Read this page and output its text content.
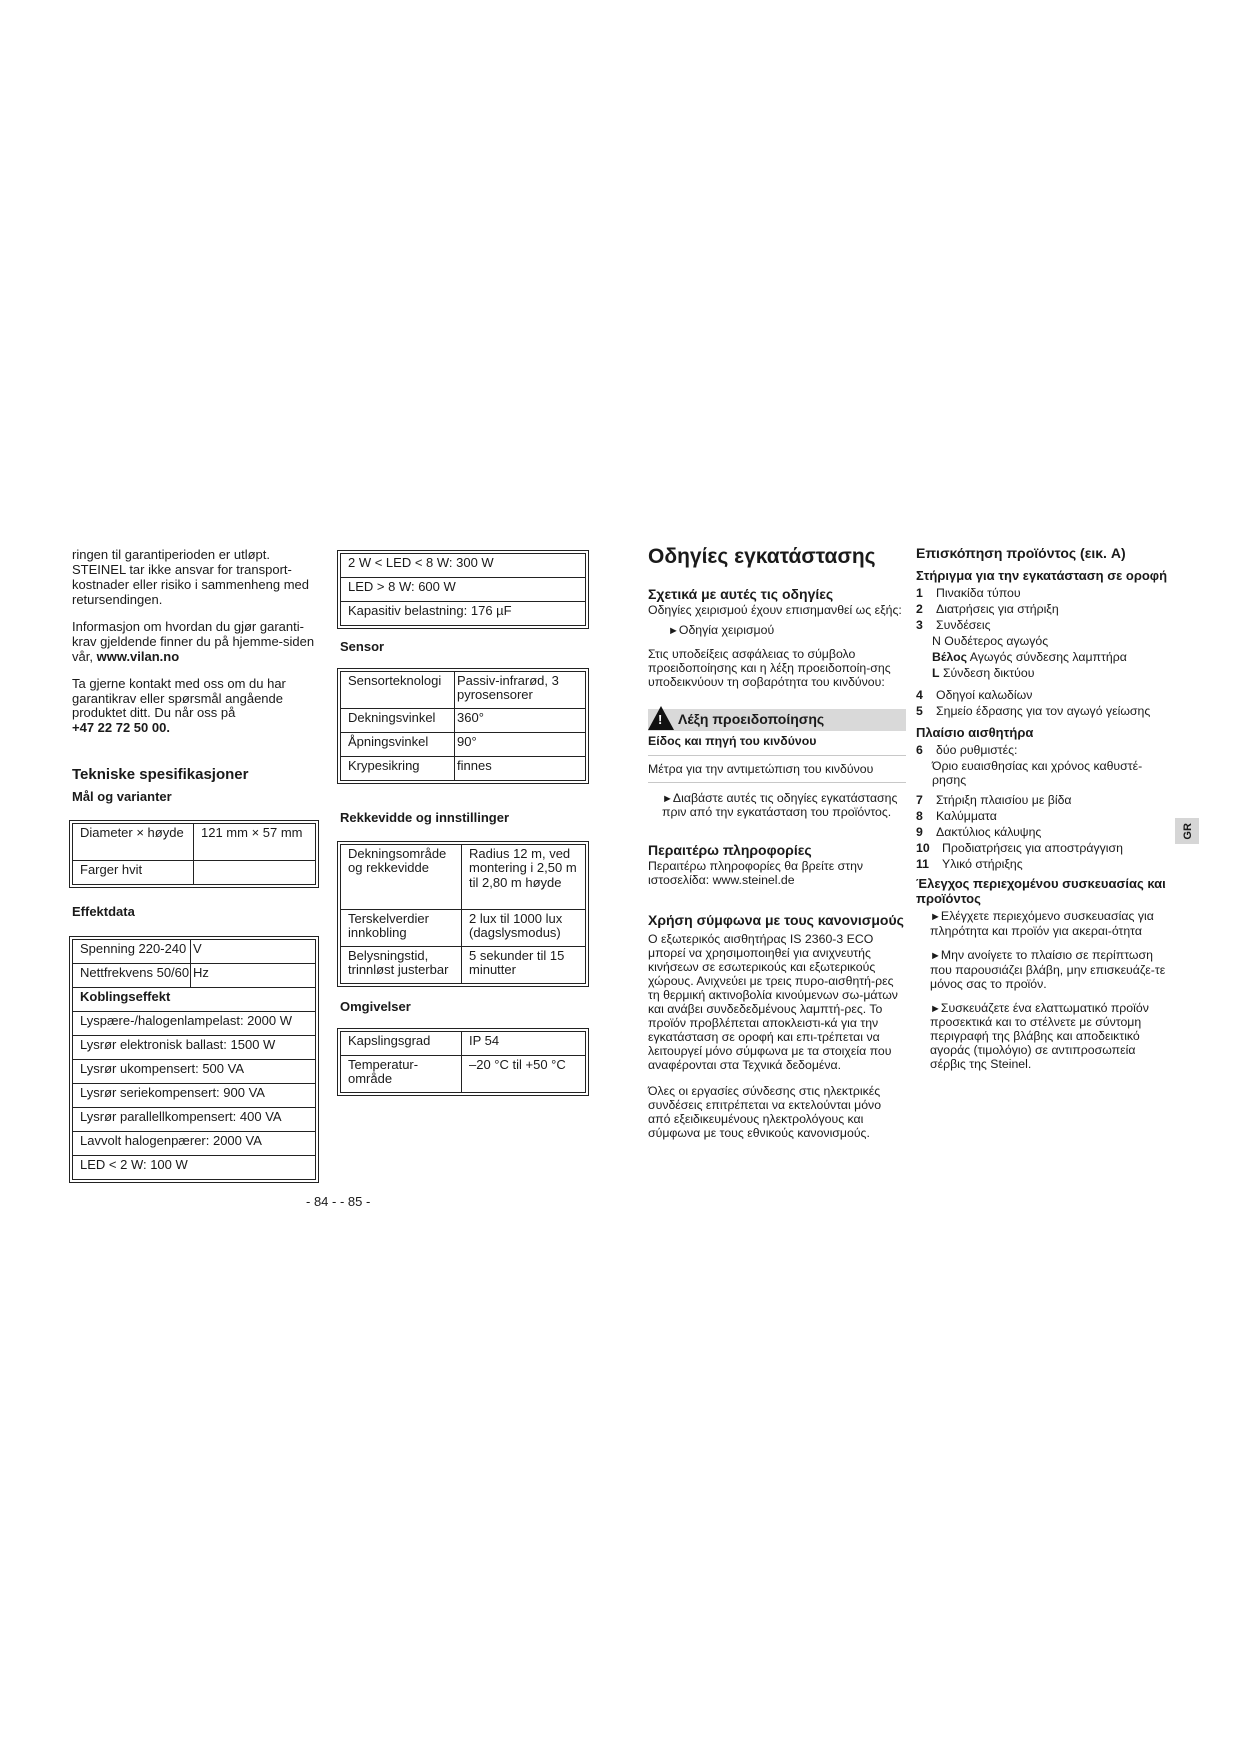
ringen til garantiperioden er utløpt. STEINEL tar ikke ansvar for transport-kostnader eller risiko i sammenheng med retursendingen.

Informasjon om hvordan du gjør garanti-krav gjeldende finner du på hjemme-siden vår, www.vilan.no

Ta gjerne kontakt med oss om du har garantikrav eller spørsmål angående produktet ditt. Du når oss på

+47 22 72 50 00.

Tekniske spesifikasjoner
Mål og varianter
Diameter × høyde	121 mm × 57 mm
Farger hvit	
Effektdata
Spenning 220-240	V
Nettfrekvens 50/60	Hz
Koblingseffekt	
Lyspære-/halogenlampelast: 2000 W	
Lysrør elektronisk ballast: 1500 W	
Lysrør ukompensert: 500 VA	
Lysrør seriekompensert: 900 VA	
Lysrør parallellkompensert: 400 VA	
Lavvolt halogenpærer: 2000 VA	
LED < 2 W: 100 W	
2 W < LED < 8 W: 300 W
LED > 8 W: 600 W
Kapasitiv belastning: 176 µF
Sensor
Sensorteknologi	Passiv-infrarød, 3 pyrosensorer
Dekningsvinkel	360°
Åpningsvinkel	90°
Krypesikring	finnes
Rekkevidde og innstillinger
Dekningsområde og rekkevidde	Radius 12 m, ved montering i 2,50 m til 2,80 m høyde
Terskelverdier innkobling	2 lux til 1000 lux (dagslysmodus)
Belysningstid, trinnløst justerbar	5 sekunder til 15 minutter
Omgivelser
Kapslingsgrad	IP 54
Temperatur-område	–20 °C til +50 °C
- 84 - - 85 -
Οδηγίες εγκατάστασης
Σχετικά με αυτές τις οδηγίες

Οδηγίες χειρισμού έχουν επισημανθεί ως εξής:

►Οδηγία χειρισμού

Στις υποδείξεις ασφάλειας το σύμβολο προειδοποίησης και η λέξη προειδοποίη-σης υποδεικνύουν τη σοβαρότητα του κινδύνου:

! Λέξη προειδοποίησης

Είδος και πηγή του κινδύνου

Μέτρα για την αντιμετώπιση του κινδύνου

►Διαβάστε αυτές τις οδηγίες εγκατάστασης πριν από την εγκατάσταση του προϊόντος.

Περαιτέρω πληροφορίες

Περαιτέρω πληροφορίες θα βρείτε στην ιστοσελίδα: www.steinel.de

Χρήση σύμφωνα με τους κανονισμούς

Ο εξωτερικός αισθητήρας IS 2360-3 ECO μπορεί να χρησιμοποιηθεί για ανιχνευτής κινήσεων σε εσωτερικούς και εξωτερικούς χώρους. Ανιχνεύει με τρεις πυρο-αισθητή-ρες τη θερμική ακτινοβολία κινούμενων σω-μάτων και ανάβει συνδεδεδμένους λαμπτή-ρες. Το προϊόν προβλέπεται αποκλειστι-κά για την εγκατάσταση σε οροφή και επι-τρέπεται να λειτουργεί μόνο σύμφωνα με τα στοιχεία που αναφέρονται στα Τεχνικά δεδομένα.

Όλες οι εργασίες σύνδεσης στις ηλεκτρικές συνδέσεις επιτρέπεται να εκτελούνται μόνο από εξειδικευμένους ηλεκτρολόγους και σύμφωνα με τους εθνικούς κανονισμούς.

Επισκόπηση προϊόντος (εικ. A)
Στήριγμα για την εγκατάσταση σε οροφή
1 Πινακίδα τύπου
2 Διατρήσεις για στήριξη
3 Συνδέσεις
N Ουδέτερος αγωγός
Βέλος Αγωγός σύνδεσης λαμπτήρα
L Σύνδεση δικτύου
4 Οδηγοί καλωδίων
5 Σημείο έδρασης για τον αγωγό γείωσης
Πλαίσιο αισθητήρα
6 δύο ρυθμιστές:
Όριο ευαισθησίας και χρόνος καθυστέ-ρησης
7 Στήριξη πλαισίου με βίδα
8 Καλύμματα
9 Δακτύλιος κάλυψης
10 Προδιατρήσεις για αποστράγγιση
11 Υλικό στήριξης
Έλεγχος περιεχομένου συσκευασίας και προϊόντος

►Ελέγχετε περιεχόμενο συσκευασίας για πληρότητα και προϊόν για ακεραι-ότητα

►Μην ανοίγετε το πλαίσιο σε περίπτωση που παρουσιάζει βλάβη, μην επισκευάζε-τε μόνος σας το προϊόν.

►Συσκευάζετε ένα ελαττωματικό προϊόν προσεκτικά και το στέλνετε με σύντομη περιγραφή της βλάβης και αποδεικτικό αγοράς (τιμολόγιο) σε αντιπροσωπεία σέρβις της Steinel.

GR
